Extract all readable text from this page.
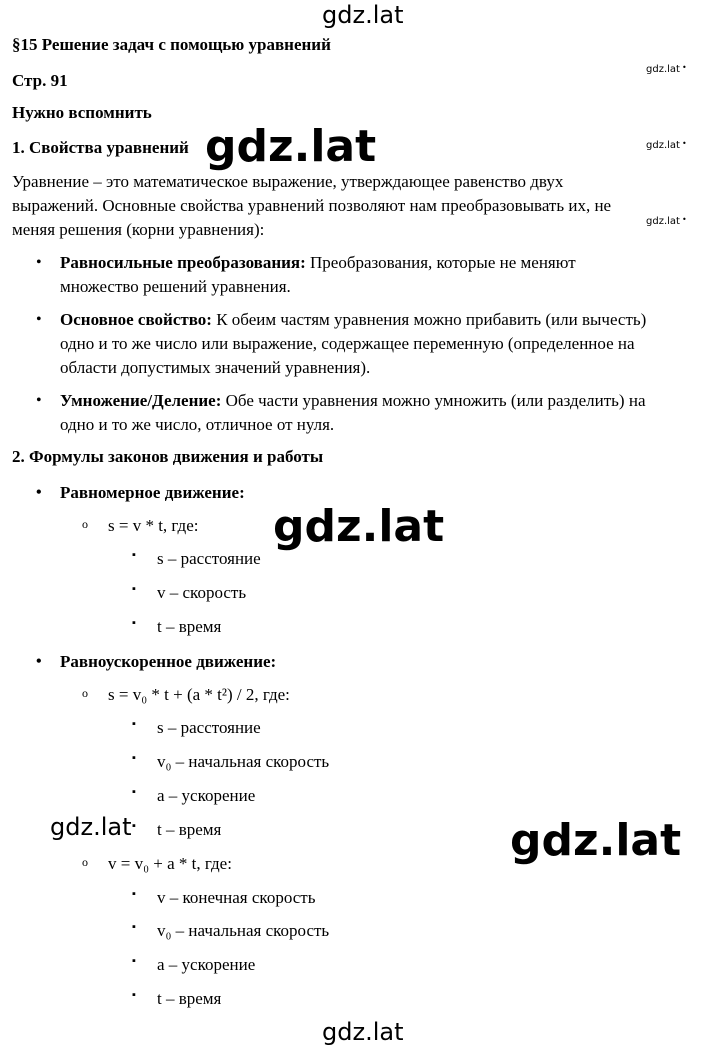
gdz.lat
gdz.lat •
gdz.lat •
gdz.lat •
§15 Решение задач с помощью уравнений
Стр. 91
Нужно вспомнить
1. Свойства уравнений gdz.lat
Уравнение – это математическое выражение, утверждающее равенство двух
выражений. Основные свойства уравнений позволяют нам преобразовывать их, не
меняя решения (корни уравнения):
• Равносильные преобразования: Преобразования, которые не меняют
множество решений уравнения.
• Основное свойство: К обеим частям уравнения можно прибавить (или вычесть)
одно и то же число или выражение, содержащее переменную (определенное на
области допустимых значений уравнения).
• Умножение/Деление: Обе части уравнения можно умножить (или разделить) на
одно и то же число, отличное от нуля.
2. Формулы законов движения и работы
• Равномерное движение:
o s = v * t, где: gdz.lat
▪ s – расстояние
▪ v – скорость
▪ t – время
• Равноускоренное движение:
o s = v₀ * t + (a * t²) / 2, где:
▪ s – расстояние
▪ v₀ – начальная скорость
▪ a – ускорение
▪ t – время
gdz.lat	gdz.lat
o v = v₀ + a * t, где:
▪ v – конечная скорость
▪ v₀ – начальная скорость
▪ a – ускорение
▪ t – время
gdz.lat
